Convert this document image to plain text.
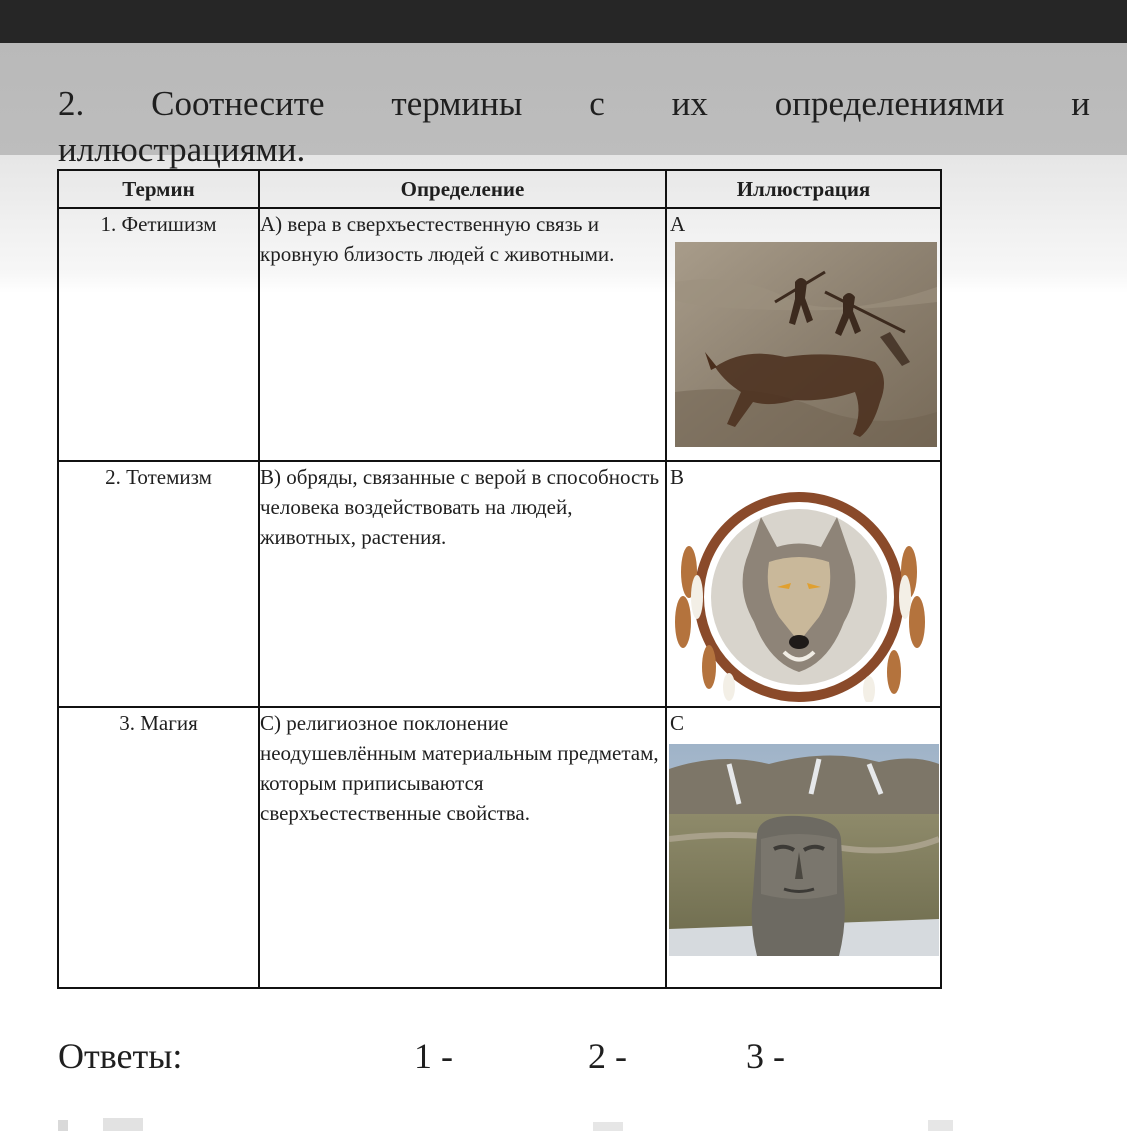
2. Соотнесите термины с их определениями и
иллюстрациями.
Термин	Определение	Иллюстрация
1. Фетишизм	А) вера в сверхъестественную связь и кровную близость людей с животными.	А

2. Тотемизм	В) обряды, связанные с верой в способность человека воздействовать на людей, животных, растения.	В

3. Магия	С) религиозное поклонение неодушевлённым материальным предметам, которым приписываются сверхъестественные свойства.	С
Ответы:	1 -	2 -	3 -
